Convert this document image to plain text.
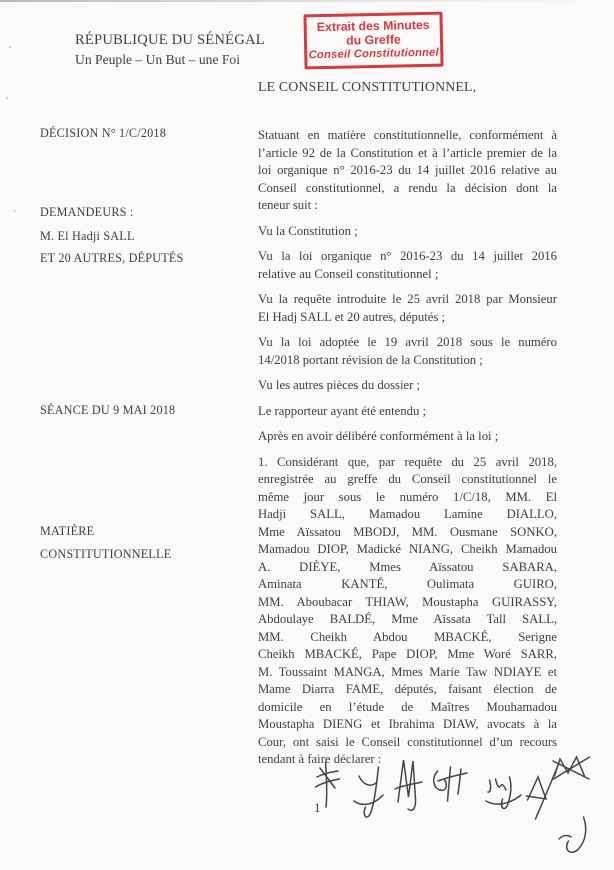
RÉPUBLIQUE DU SÉNÉGAL
Un Peuple – Un But – une Foi
Extrait des Minutes
du Greffe
Conseil Constitutionnel
LE CONSEIL CONSTITUTIONNEL,
DÉCISION N° 1/C/2018
DEMANDEURS :
M. El Hadji SALL
ET 20 AUTRES, DÉPUTÉS
SÉANCE DU 9 MAI 2018
MATIÈRE
CONSTITUTIONNELLE
Statuant en matière constitutionnelle, conformément à
l’article 92 de la Constitution et à l’article premier de la
loi organique n° 2016-23 du 14 juillet 2016 relative au
Conseil constitutionnel, a rendu la décision dont la
teneur suit :
Vu la Constitution ;
Vu la loi organique n° 2016-23 du 14 juillet 2016
relative au Conseil constitutionnel ;
Vu la requête introduite le 25 avril 2018 par Monsieur
El Hadj SALL et 20 autres, députés ;
Vu la loi adoptée le 19 avril 2018 sous le numéro
14/2018 portant révision de la Constitution ;
Vu les autres pièces du dossier ;
Le rapporteur ayant été entendu ;
Après en avoir délibéré conformément à la loi ;
1. Considérant que, par requête du 25 avril 2018,
enregistrée au greffe du Conseil constitutionnel le
même jour sous le numéro 1/C/18, MM. El
Hadji SALL, Mamadou Lamine DIALLO,
Mme Aïssatou MBODJ, MM. Ousmane SONKO,
Mamadou DIOP, Madické NIANG, Cheikh Mamadou
A. DIÈYE, Mmes Aïssatou SABARA,
Aminata KANTÉ, Oulimata GUIRO,
MM. Aboubacar THIAW, Moustapha GUIRASSY,
Abdoulaye BALDÉ, Mme Aïssata Tall SALL,
MM. Cheikh Abdou MBACKÉ, Serigne
Cheikh MBACKÉ, Pape DIOP, Mme Woré SARR,
M. Toussaint MANGA, Mmes Marie Taw NDIAYE et
Mame Diarra FAME, députés, faisant élection de
domicile en l’étude de Maîtres Mouhamadou
Moustapha DIENG et Ibrahima DIAW, avocats à la
Cour, ont saisi le Conseil constitutionnel d’un recours
tendant à faire déclarer :
1
